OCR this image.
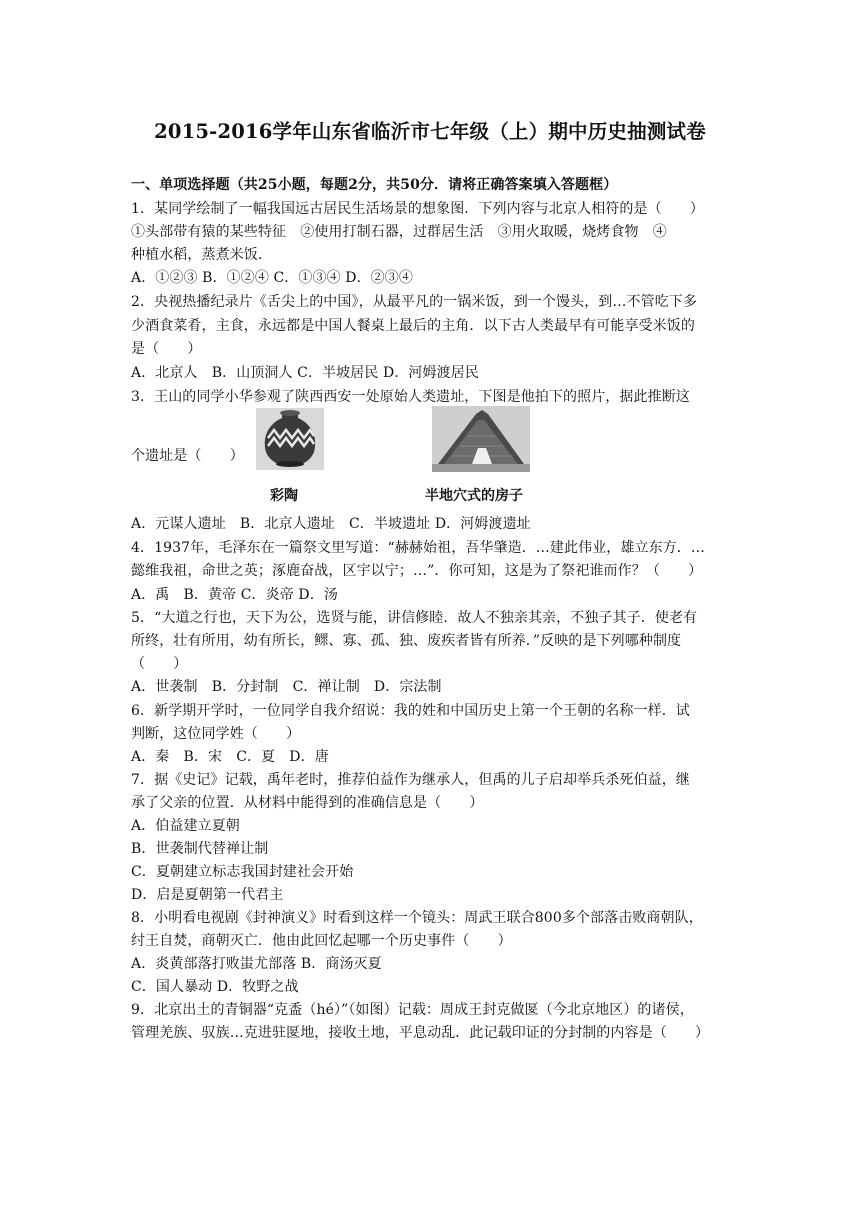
2015-2016学年山东省临沂市七年级（上）期中历史抽测试卷
一、单项选择题（共25小题，每题2分，共50分．请将正确答案填入答题框）
1．某同学绘制了一幅我国远古居民生活场景的想象图．下列内容与北京人相符的是（　　）
①头部带有猿的某些特征　②使用打制石器，过群居生活　③用火取暖，烧烤食物　④
种植水稻，蒸煮米饭．
A．①②③ B．①②④ C．①③④ D．②③④
2．央视热播纪录片《舌尖上的中国》，从最平凡的一锅米饭，到一个馒头，到…不管吃下多
少酒食菜肴，主食，永远都是中国人餐桌上最后的主角．以下古人类最早有可能享受米饭的
是（　　）
A．北京人　B．山顶洞人 C．半坡居民 D．河姆渡居民
3．王山的同学小华参观了陕西西安一处原始人类遗址，下图是他拍下的照片，据此推断这
个遗址是（　　）
彩陶	半地穴式的房子
A．元谋人遗址　B．北京人遗址　C．半坡遗址 D．河姆渡遗址
4．1937年，毛泽东在一篇祭文里写道：“赫赫始祖，吾华肇造．…建此伟业，雄立东方．…
懿维我祖，命世之英；涿鹿奋战，区宇以宁；…”．你可知，这是为了祭祀谁而作？（　　）
A．禹　B．黄帝 C．炎帝 D．汤
5．“大道之行也，天下为公，选贤与能，讲信修睦．故人不独亲其亲，不独子其子．使老有
所终，壮有所用，幼有所长，鳏、寡、孤、独、废疾者皆有所养．”反映的是下列哪种制度
（　　）
A．世袭制　B．分封制　C．禅让制　D．宗法制
6．新学期开学时，一位同学自我介绍说：我的姓和中国历史上第一个王朝的名称一样．试
判断，这位同学姓（　　）
A．秦　B．宋　C．夏　D．唐
7．据《史记》记载，禹年老时，推荐伯益作为继承人，但禹的儿子启却举兵杀死伯益，继
承了父亲的位置．从材料中能得到的准确信息是（　　）
A．伯益建立夏朝
B．世袭制代替禅让制
C．夏朝建立标志我国封建社会开始
D．启是夏朝第一代君主
8．小明看电视剧《封神演义》时看到这样一个镜头：周武王联合800多个部落击败商朝队，
纣王自焚，商朝灭亡．他由此回忆起哪一个历史事件（　　）
A．炎黄部落打败蚩尤部落 B．商汤灭夏
C．国人暴动 D．牧野之战
9．北京出土的青铜器“克盉（hé）”（如图）记载：周成王封克做匽（今北京地区）的诸侯，
管理羌族、驭族…克进驻匽地，接收土地，平息动乱．此记载印证的分封制的内容是（　　）
